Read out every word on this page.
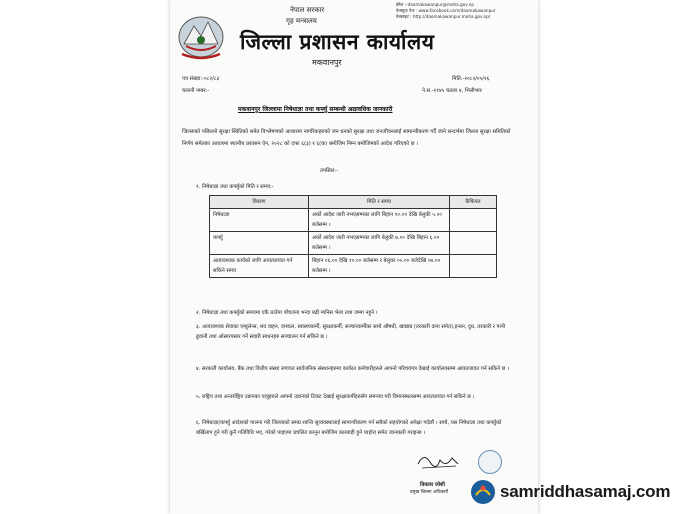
ईमेल :-daomakawanpur@moha.gov.np
फेसबुक पेज : www.facebook.com/daomakawanpur
वेबसाइट : http://daomakawanpur.moha.gov.np/
नेपाल सरकार
गृह मन्त्रालय
जिल्ला प्रशासन कार्यालय
मकवानपुर
पत्र संख्या:-०८२/८३
चलानी नम्बर:-
मिति:-२०८२/०५/२६
ने.सं.-११४५ चतला ४, भिलीभार
मकवानपुर जिल्लामा निषेधाज्ञा तथा कर्फ्यु सम्बन्धी अद्यावधिक जानकारी
जिल्लाको पछिल्लो सुरक्षा स्थितिको समेत विश्लेषणको आधारमा नागरिकहरुको जन धनको सुरक्षा तथा जनजीवनलाई सामान्यीकरण गर्दै जाने सन्दर्भमा जिल्ला सुरक्षा समितिको निर्णय समेतका आधारमा स्थानीय प्रशासन ऐन, २०२८ को दफा ६(३) र ६(क) बमोजिम निम्न बमोजिमको आदेश गरिएको छ ।
तपसिल:-
१. निषेधाज्ञा तथा कर्फ्युको मिति र समय:-
विवरण	मिति र समय	कैफियत
निषेधाज्ञा	अर्को आदेश जारी नभएसम्मका लागि बिहान १०.०० देखि बेलुकी ५.०० बजेसम्म ।	
कर्फ्यु	अर्को आदेश जारी नभएसम्मका लागि बेलुकी ७.०० देखि बिहान ६.०० बजेसम्म ।	
अत्यावश्यक कार्यको लागि आवतजावत गर्न सकिने समय	बिहान ०६.०० देखि १०.०० बजेसम्म र बेलुका ०५.०० बजेदेखि ०७.०० बजेसम्म ।	
२. निषेधाज्ञा तथा कर्फ्युको समयमा एकै ठाउँमा पाँचजना भन्दा बढी मानिस भेला तथा जम्मा नहुने ।
३. अत्यावश्यक सेवाका एम्बुलेन्स, शव वाहन, दमकल, स्वास्थ्यकर्मी, सुरक्षाकर्मी, सञ्चारकर्मीका साथै औषधी, खाद्यान्न (तरकारी दाना समेत),इन्धन, दुध, तरकारी र पानी ढुवानी तथा ओसारपसार गर्ने सवारी साधनहरु सञ्चालन गर्न सकिने छ ।
४. सरकारी कार्यालय, बैंक तथा वित्तीय संस्था लगायत सार्वजनिक संस्थानहरुमा कार्यरत कर्मचारीहरुले आफ्नो परिचयपत्र देखाई कार्यालयसम्म आवतजावत गर्न सकिने छ ।
५. राष्ट्रिय तथा अन्तर्राष्ट्रिय उडानका यात्रुहरुले आफ्नो उडानको टिकट देखाई सुरक्षाकर्मीहरुसँग समन्वय गरी विमानस्थलसम्म आवतजावत गर्न सकिने छ ।
६. निषेधाज्ञा/कर्फ्यु आदेशको पालना गरी जिल्लाको समग्र शान्ति सुव्यवस्थालाई सामान्यीकरण गर्न सबैको सहयोगको अपेक्षा गर्दछौं । साथै, यस निषेधाज्ञा तथा कर्फ्युको बर्खिलाप हुने गरी कुनै गतिविधि भए, गरेको पाइएमा प्रचलित कानून बमोजिम कारबाही हुने व्यहोरा समेत जानकारी गराइन्छ ।
विकास जोशी
प्रमुख जिल्ला अधिकारी	samriddhasamaj.com
